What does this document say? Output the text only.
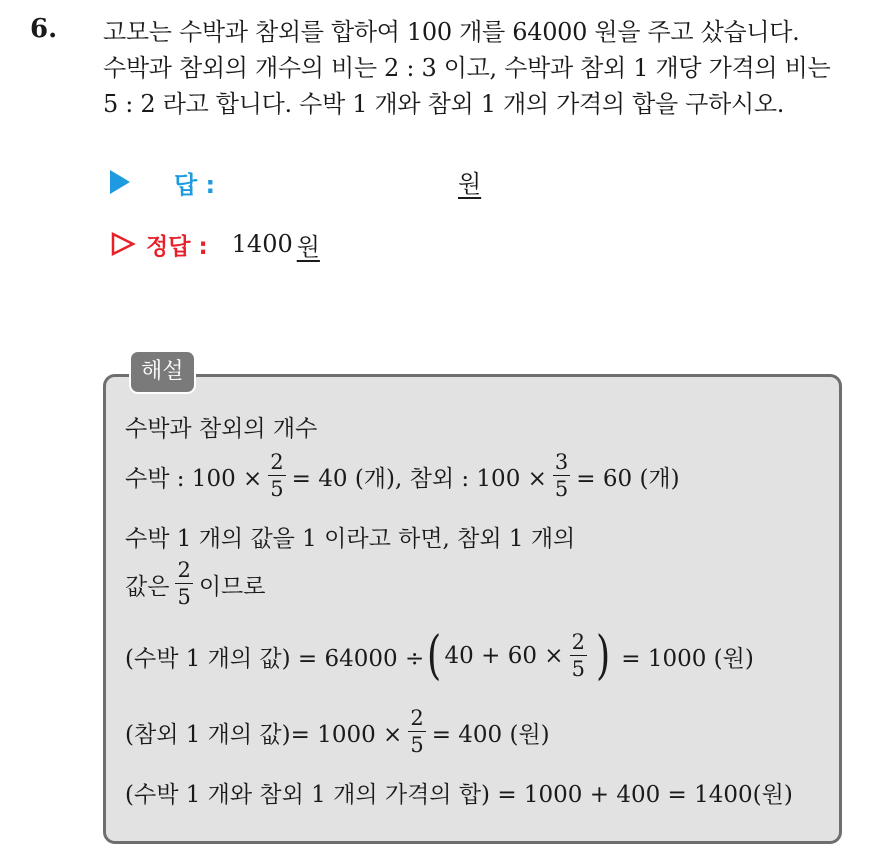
6. 고모는 수박과 참외를 합하여 100 개를 64000 원을 주고 샀습니다.

수박과 참외의 개수의 비는 2 : 3 이고, 수박과 참외 1 개당 가격의 비는

5 : 2 라고 합니다. 수박 1 개와 참외 1 개의 가격의 합을 구하시오.

답 :	원
정답 : 1400 원
해설
수박과 참외의 개수
수박 : $100 \times \frac{2}{5} = 40$ (개), 참외 : $100 \times \frac{3}{5} = 60$ (개)
수박 1 개의 값을 1 이라고 하면, 참외 1 개의
값은 $\frac{2}{5}$ 이므로
(수박 1 개의 값) = 64000 ÷ ( $40 + 60 \times \frac{2}{5}$ ) = 1000 (원)
(참외 1 개의 값)= $1000 \times \frac{2}{5} = 400$ (원)
(수박 1 개와 참외 1 개의 가격의 합) = 1000 + 400 = 1400(원)
